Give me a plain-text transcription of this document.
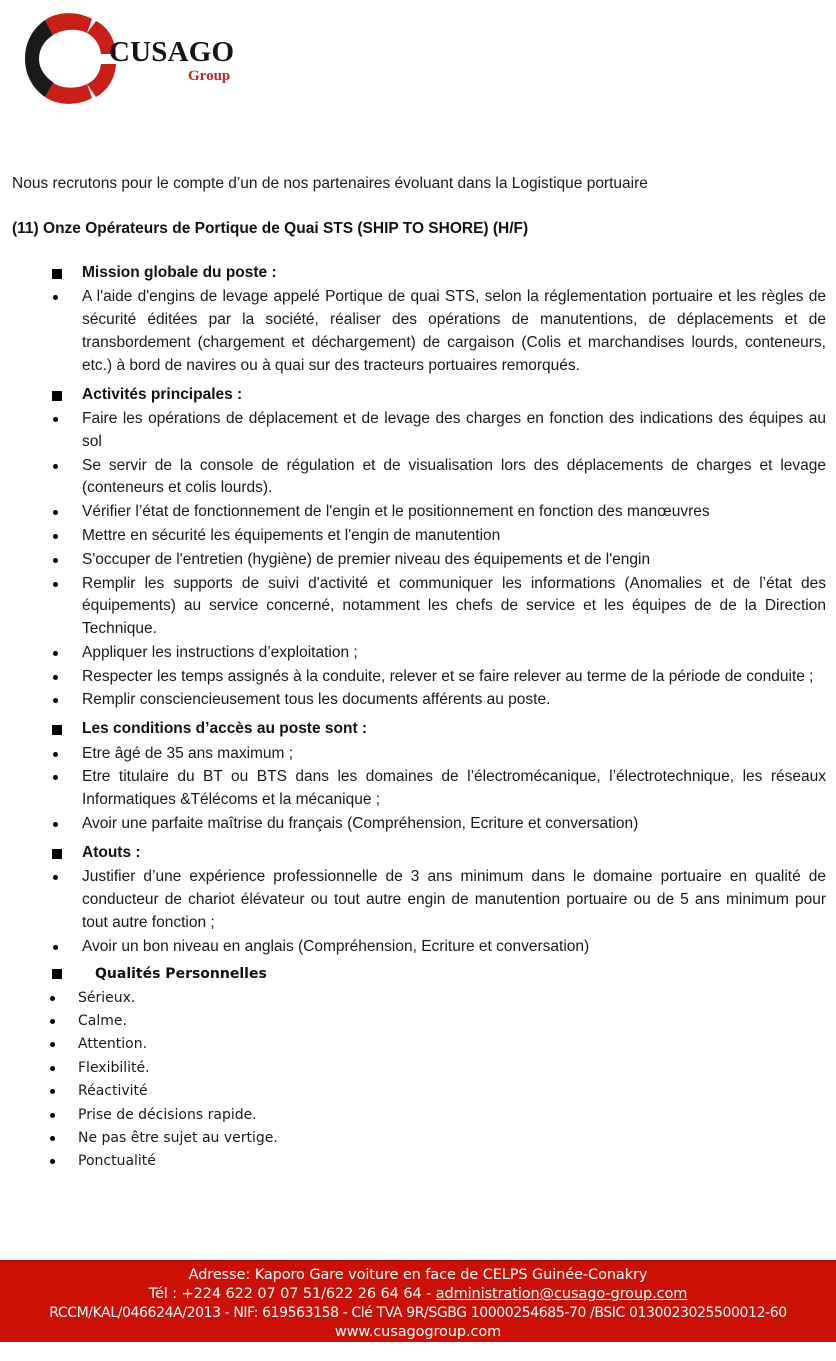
CUSAGO
Group
Nous recrutons pour le compte d’un de nos partenaires évoluant dans la Logistique portuaire
(11) Onze Opérateurs de Portique de Quai STS (SHIP TO SHORE) (H/F)
Mission globale du poste :
A l'aide d'engins de levage appelé Portique de quai STS, selon la réglementation portuaire et les règles de sécurité éditées par la société, réaliser des opérations de manutentions, de déplacements et de transbordement (chargement et déchargement) de cargaison (Colis et marchandises lourds, conteneurs, etc.) à bord de navires ou à quai sur des tracteurs portuaires remorqués.
Activités principales :
Faire les opérations de déplacement et de levage des charges en fonction des indications des équipes au sol
Se servir de la console de régulation et de visualisation lors des déplacements de charges et levage (conteneurs et colis lourds).
Vérifier l’état de fonctionnement de l'engin et le positionnement en fonction des manœuvres
Mettre en sécurité les équipements et l'engin de manutention
S'occuper de l'entretien (hygiène) de premier niveau des équipements et de l'engin
Remplir les supports de suivi d'activité et communiquer les informations (Anomalies et de l’état des équipements) au service concerné, notamment les chefs de service et les équipes de de la Direction Technique.
Appliquer les instructions d’exploitation ;
Respecter les temps assignés à la conduite, relever et se faire relever au terme de la période de conduite ;
Remplir consciencieusement tous les documents afférents au poste.
Les conditions d’accès au poste sont :
Etre âgé de 35 ans maximum ;
Etre titulaire du BT ou BTS dans les domaines de l’électromécanique, l’électrotechnique, les réseaux Informatiques &Télécoms et la mécanique ;
Avoir une parfaite maîtrise du français (Compréhension, Ecriture et conversation)
Atouts :
Justifier d’une expérience professionnelle de 3 ans minimum dans le domaine portuaire en qualité de conducteur de chariot élévateur ou tout autre engin de manutention portuaire ou de 5 ans minimum pour tout autre fonction ;
Avoir un bon niveau en anglais (Compréhension, Ecriture et conversation)
Qualités Personnelles
Sérieux.
Calme.
Attention.
Flexibilité.
Réactivité
Prise de décisions rapide.
Ne pas être sujet au vertige.
Ponctualité
Adresse: Kaporo Gare voiture en face de CELPS Guinée-Conakry
Tél : +224 622 07 07 51/622 26 64 64 - administration@cusago-group.com
RCCM/KAL/046624A/2013 - NIF: 619563158 - Clé TVA 9R/SGBG 10000254685-70 /BSIC 0130023025500012-60
www.cusagogroup.com
Adresse: Kaporo Gare voiture en face de CELPS Guinée-Conakry
